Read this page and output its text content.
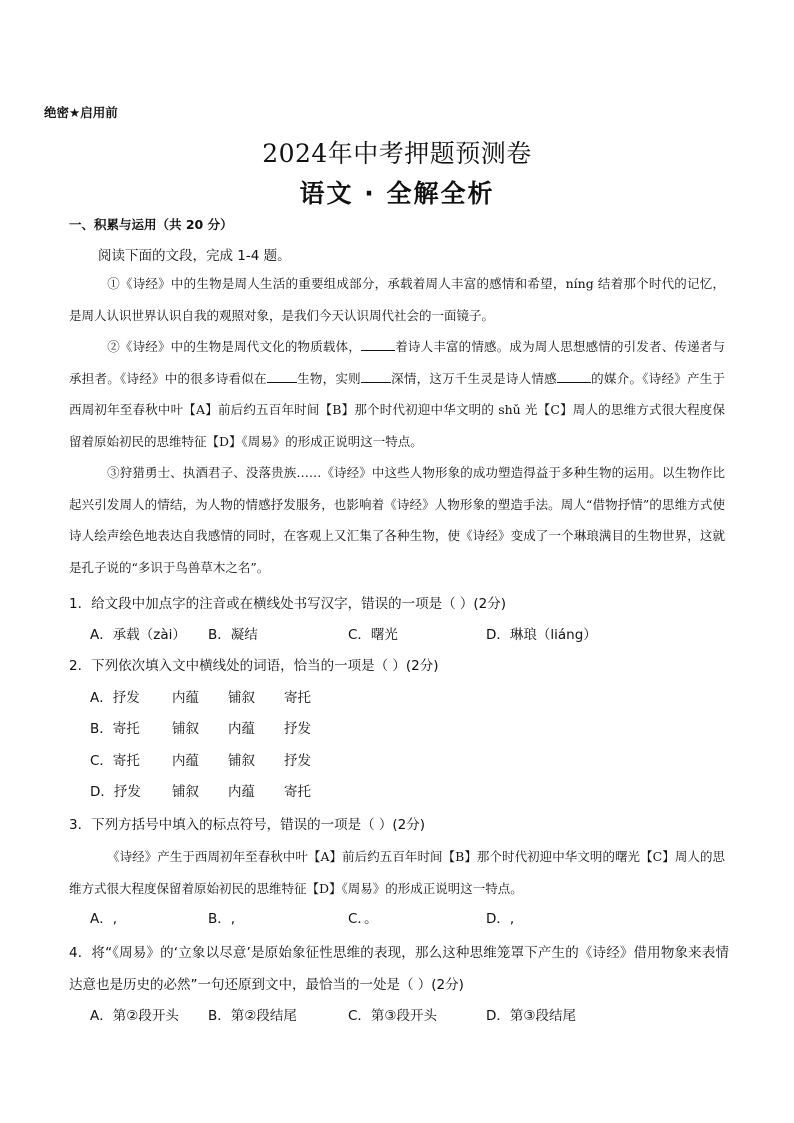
绝密★启用前
2024年中考押题预测卷
语文 · 全解全析
一、积累与运用（共 20 分）
阅读下面的文段，完成 1-4 题。
①《诗经》中的生物是周人生活的重要组成部分，承载着周人丰富的感情和希望，níng 结着那个时代的记忆，是周人认识世界认识自我的观照对象，是我们今天认识周代社会的一面镜子。
②《诗经》中的生物是周代文化的物质载体，	着诗人丰富的情感。成为周人思想感情的引发者、传递者与承担者。《诗经》中的很多诗看似在 生物，实则 深情，这万千生灵是诗人情感	的媒介。《诗经》产生于西周初年至春秋中叶【A】前后约五百年时间【B】那个时代初迎中华文明的 shǔ 光【C】周人的思维方式很大程度保留着原始初民的思维特征【D】《周易》的形成正说明这一特点。
③狩猎勇士、执酒君子、没落贵族……《诗经》中这些人物形象的成功塑造得益于多种生物的运用。以生物作比起兴引发周人的情结，为人物的情感抒发服务，也影响着《诗经》人物形象的塑造手法。周人“借物抒情”的思维方式使诗人绘声绘色地表达自我感情的同时，在客观上又汇集了各种生物，使《诗经》变成了一个琳琅满目的生物世界，这就是孔子说的“多识于鸟兽草木之名”。
1．给文段中加点字的注音或在横线处书写汉字，错误的一项是（ ）(2分)
A．承载（zài） B．凝结	C．曙光	D．琳琅（liáng）
2．下列依次填入文中横线处的词语，恰当的一项是（ ）(2分)
A．抒发 内蕴 铺叙 寄托
B．寄托 铺叙 内蕴 抒发
C．寄托 内蕴 铺叙 抒发
D．抒发 铺叙 内蕴 寄托
3．下列方括号中填入的标点符号，错误的一项是（ ）(2分)
《诗经》产生于西周初年至春秋中叶【A】前后约五百年时间【B】那个时代初迎中华文明的曙光【C】周人的思维方式很大程度保留着原始初民的思维特征【D】《周易》的形成正说明这一特点。
A．,	B．,	C．。	D．,
4．将“《周易》的‘立象以尽意’是原始象征性思维的表现，那么这种思维笼罩下产生的《诗经》借用物象来表情达意也是历史的必然”一句还原到文中，最恰当的一处是（ ）(2分)
A．第②段开头 B．第②段结尾	C．第③段开头	D．第③段结尾
